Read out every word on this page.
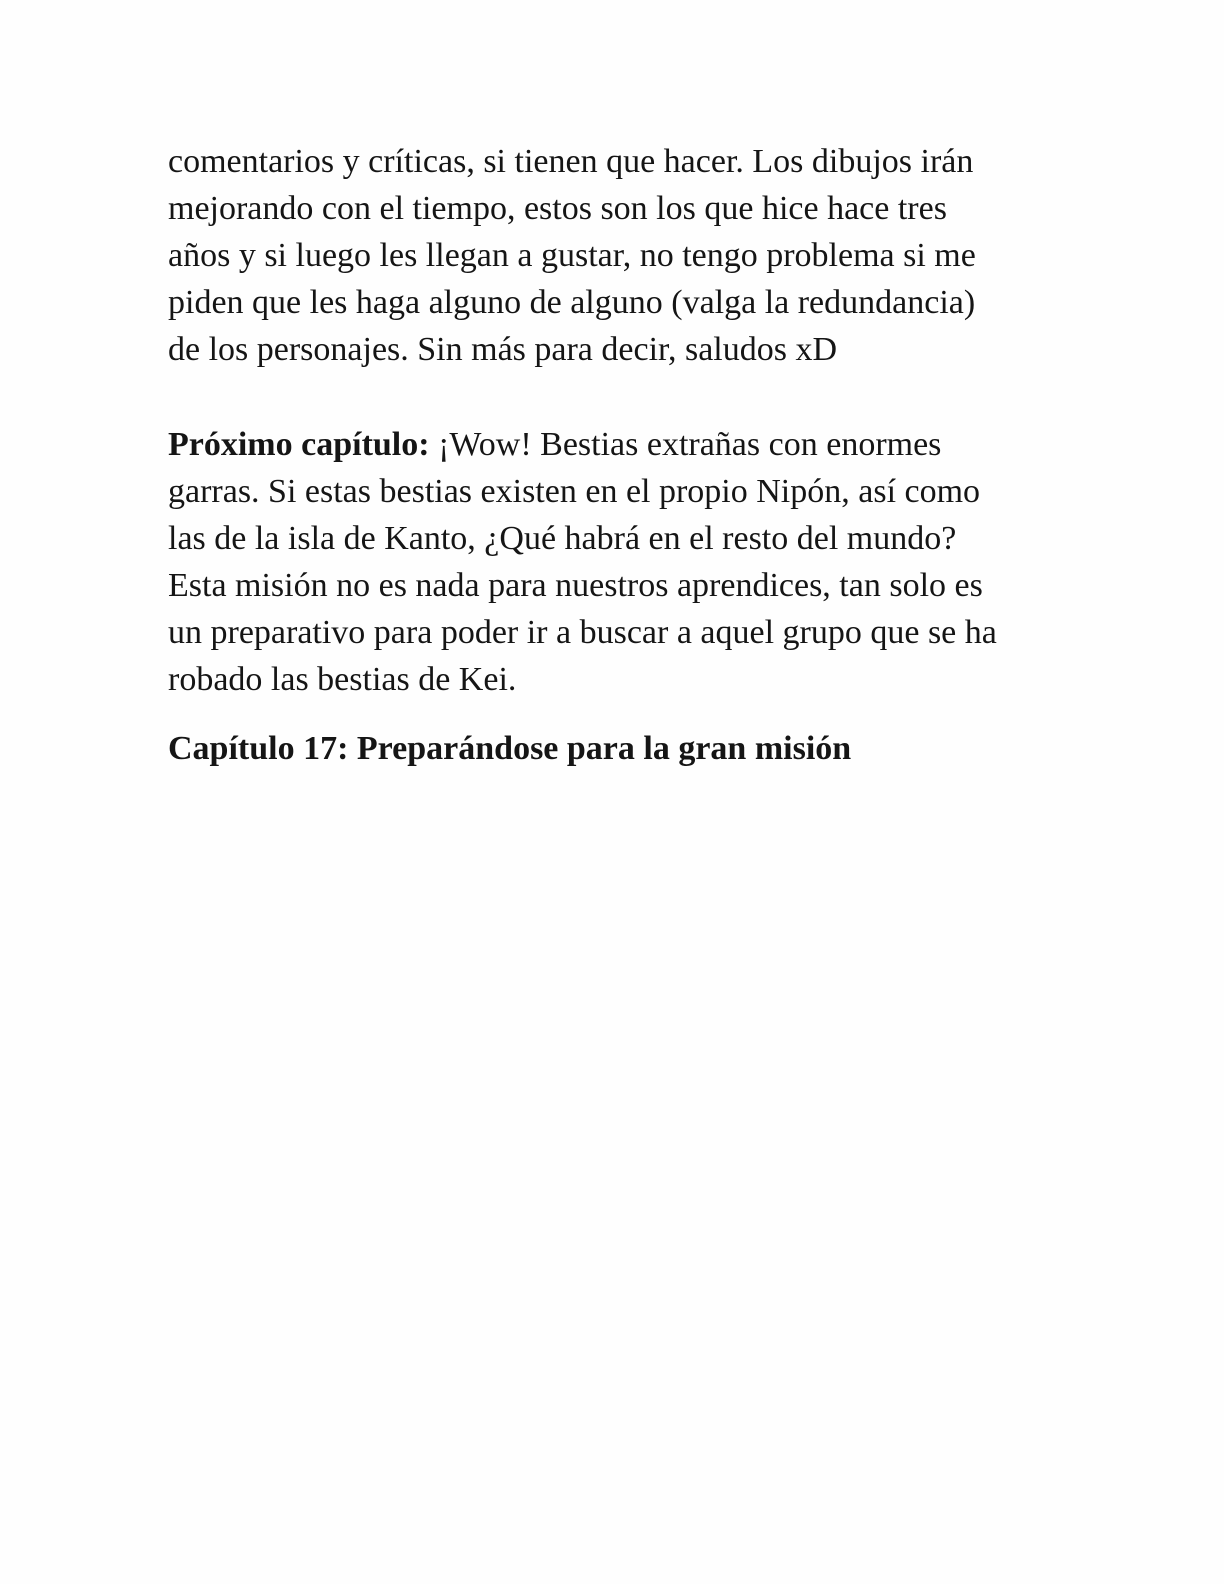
comentarios y críticas, si tienen que hacer. Los dibujos irán
mejorando con el tiempo, estos son los que hice hace tres
años y si luego les llegan a gustar, no tengo problema si me
piden que les haga alguno de alguno (valga la redundancia)
de los personajes. Sin más para decir, saludos xD
Próximo capítulo: ¡Wow! Bestias extrañas con enormes
garras. Si estas bestias existen en el propio Nipón, así como
las de la isla de Kanto, ¿Qué habrá en el resto del mundo?
Esta misión no es nada para nuestros aprendices, tan solo es
un preparativo para poder ir a buscar a aquel grupo que se ha
robado las bestias de Kei.
Capítulo 17: Preparándose para la gran misión
